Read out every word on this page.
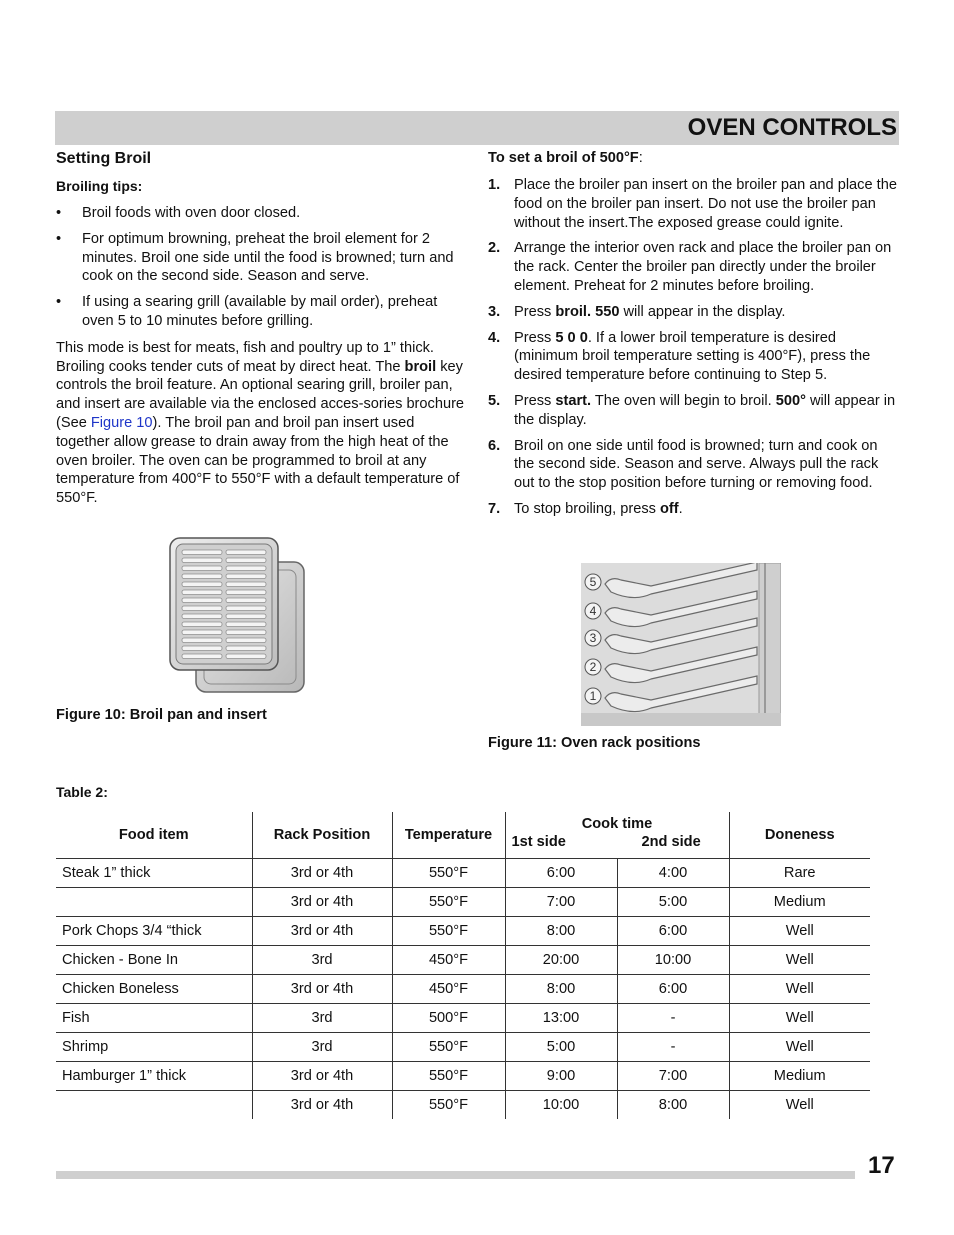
OVEN CONTROLS
Setting Broil
Broiling tips:
• Broil foods with oven door closed.
• For optimum browning, preheat the broil element for 2 minutes. Broil one side until the food is browned; turn and cook on the second side. Season and serve.
• If using a searing grill (available by mail order), preheat oven 5 to 10 minutes before grilling.

This mode is best for meats, fish and poultry up to 1” thick. Broiling cooks tender cuts of meat by direct heat. The broil key controls the broil feature. An optional searing grill, broiler pan, and insert are available via the enclosed acces-sories brochure (See Figure 10). The broil pan and broil pan insert used together allow grease to drain away from the high heat of the oven broiler. The oven can be programmed to broil at any temperature from 400°F to 550°F with a default temperature of 550°F.

Figure 10: Broil pan and insert
To set a broil of 500°F:
1. Place the broiler pan insert on the broiler pan and place the food on the broiler pan insert. Do not use the broiler pan without the insert.The exposed grease could ignite.
2. Arrange the interior oven rack and place the broiler pan on the rack. Center the broiler pan directly under the broiler element. Preheat for 2 minutes before broiling.
3. Press broil. 550 will appear in the display.
4. Press 5 0 0. If a lower broil temperature is desired (minimum broil temperature setting is 400°F), press the desired temperature before continuing to Step 5.
5. Press start. The oven will begin to broil. 500° will appear in the display.
6. Broil on one side until food is browned; turn and cook on the second side. Season and serve. Always pull the rack out to the stop position before turning or removing food.
7. To stop broiling, press off.
5
4
3
2
1
Figure 11: Oven rack positions
Table 2:
Food item	Rack Position	Temperature	Cook time
1st side 2nd side		Doneness
Steak 1” thick	3rd or 4th	550°F	6:00	4:00	Rare
	3rd or 4th	550°F	7:00	5:00	Medium
Pork Chops 3/4 “thick	3rd or 4th	550°F	8:00	6:00	Well
Chicken - Bone In	3rd	450°F	20:00	10:00	Well
Chicken Boneless	3rd or 4th	450°F	8:00	6:00	Well
Fish	3rd	500°F	13:00	-	Well
Shrimp	3rd	550°F	5:00	-	Well
Hamburger 1” thick	3rd or 4th	550°F	9:00	7:00	Medium
	3rd or 4th	550°F	10:00	8:00	Well
17
